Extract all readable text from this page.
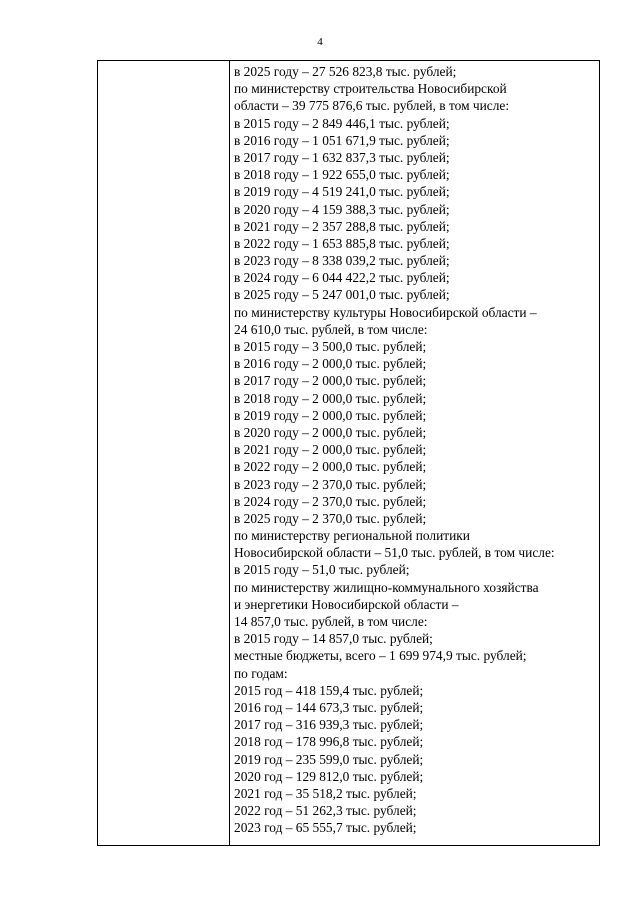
4
в 2025 году – 27 526 823,8 тыс. рублей;
по министерству строительства Новосибирской
области – 39 775 876,6 тыс. рублей, в том числе:
в 2015 году – 2 849 446,1 тыс. рублей;
в 2016 году – 1 051 671,9 тыс. рублей;
в 2017 году – 1 632 837,3 тыс. рублей;
в 2018 году – 1 922 655,0 тыс. рублей;
в 2019 году – 4 519 241,0 тыс. рублей;
в 2020 году – 4 159 388,3 тыс. рублей;
в 2021 году – 2 357 288,8 тыс. рублей;
в 2022 году – 1 653 885,8 тыс. рублей;
в 2023 году – 8 338 039,2 тыс. рублей;
в 2024 году – 6 044 422,2 тыс. рублей;
в 2025 году – 5 247 001,0 тыс. рублей;
по министерству культуры Новосибирской области –
24 610,0 тыс. рублей, в том числе:
в 2015 году – 3 500,0 тыс. рублей;
в 2016 году – 2 000,0 тыс. рублей;
в 2017 году – 2 000,0 тыс. рублей;
в 2018 году – 2 000,0 тыс. рублей;
в 2019 году – 2 000,0 тыс. рублей;
в 2020 году – 2 000,0 тыс. рублей;
в 2021 году – 2 000,0 тыс. рублей;
в 2022 году – 2 000,0 тыс. рублей;
в 2023 году – 2 370,0 тыс. рублей;
в 2024 году – 2 370,0 тыс. рублей;
в 2025 году – 2 370,0 тыс. рублей;
по министерству региональной политики
Новосибирской области – 51,0 тыс. рублей, в том числе:
в 2015 году – 51,0 тыс. рублей;
по министерству жилищно-коммунального хозяйства
и энергетики Новосибирской области –
14 857,0 тыс. рублей, в том числе:
в 2015 году – 14 857,0 тыс. рублей;
местные бюджеты, всего – 1 699 974,9 тыс. рублей;
по годам:
2015 год – 418 159,4 тыс. рублей;
2016 год – 144 673,3 тыс. рублей;
2017 год – 316 939,3 тыс. рублей;
2018 год – 178 996,8 тыс. рублей;
2019 год – 235 599,0 тыс. рублей;
2020 год – 129 812,0 тыс. рублей;
2021 год – 35 518,2 тыс. рублей;
2022 год – 51 262,3 тыс. рублей;
2023 год – 65 555,7 тыс. рублей;
